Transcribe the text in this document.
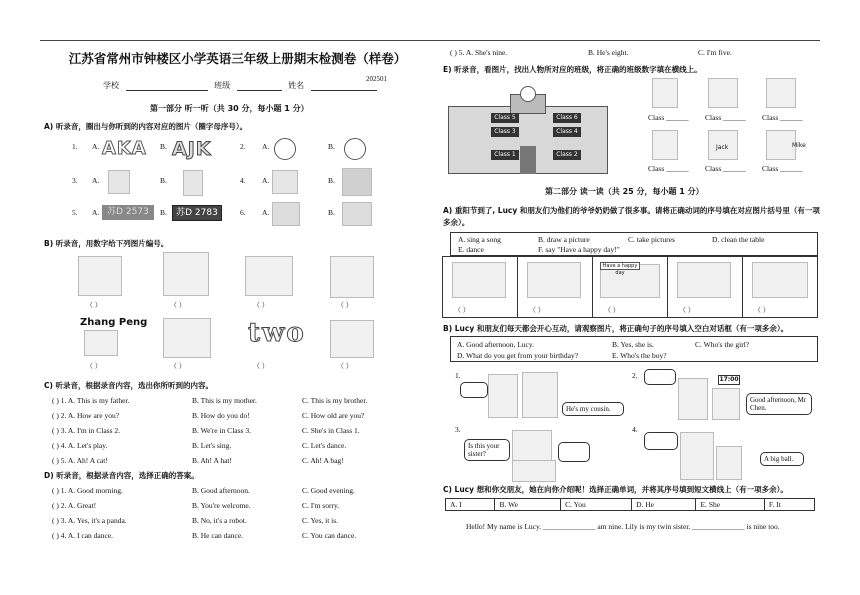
江苏省常州市钟楼区小学英语三年级上册期末检测卷（样卷）
202501
学校	班级	姓名
第一部分 听一听（共 30 分，每小题 1 分）
A) 听录音，圈出与你听到的内容对应的图片（圈字母序号）。
1. A. AKA B. AJK	2. A.	B.
3. A.	B.	4. A.	B.
5. A. 苏D 2573	B.	苏D 2783	6. A.	B.
B) 听录音，用数字给下列图片编号。
（ ）	（ ）	（ ）	（ ）
Zhang Peng	two
（ ）	（ ）	（ ）	（ ）
C) 听录音，根据录音内容，选出你所听到的内容。
( ) 1. A. This is my father.	B. This is my mother.	C. This is my brother.
( ) 2. A. How are you?	B. How do you do!	C. How old are you?
( ) 3. A. I'm in Class 2.	B. We're in Class 3.	C. She's in Class 1.
( ) 4. A. Let's play.	B. Let's sing.	C. Let's dance.
( ) 5. A. Ah! A cat!	B. Ah! A hat!	C. Ah! A bag!
D) 听录音，根据录音内容，选择正确的答案。
( ) 1. A. Good morning.	B. Good afternoon.	C. Good evening.
( ) 2. A. Great!	B. You're welcome.	C. I'm sorry.
( ) 3. A. Yes, it's a panda.	B. No, it's a robot.	C. Yes, it is.
( ) 4. A. I can dance.	B. He can dance.	C. You can dance.
( ) 5. A. She's nine.	B. He's eight.	C. I'm five.
E) 听录音，看图片，找出人物所对应的班级，将正确的班级数字填在横线上。
Class 5	Class 6
Class 3	Class 4
Class 1	Class 2
Class ______ Class ______ Class ______
Jack	Mike
Class ______ Class ______ Class ______
第二部分 读一读（共 25 分，每小题 1 分）
A) 重阳节到了, Lucy 和朋友们为他们的爷爷奶奶做了很多事。请将正确动词的序号填在对应图片括号里（有一项多余）。
A. sing a song	B. draw a picture	C. take pictures	D. clean the table
E. dance	F. say "Have a happy day!"
Have a happy day
（ ）	（ ）	（ ）	（ ）	（ ）
B) Lucy 和朋友们每天都会开心互动，请观察图片，将正确句子的序号填入空白对话框（有一项多余）。
A. Good afternoon, Lucy.	B. Yes, she is.	C. Who's the girl?
D. What do you get from your birthday?	E. Who's the boy?
1.
He's my cousin.
2.	17:00
Good afternoon, Mr Chen.
3.
Is this your sister?
4.
A big ball.
C) Lucy 想和你交朋友，她在向你介绍呢！选择正确单词，并将其序号填到短文横线上（有一项多余）。
A. I	B. We	C. You	D. He	E. She	F. It
Hello! My name is Lucy. ______________ am nine. Lily is my twin sister. ______________ is nine too.
